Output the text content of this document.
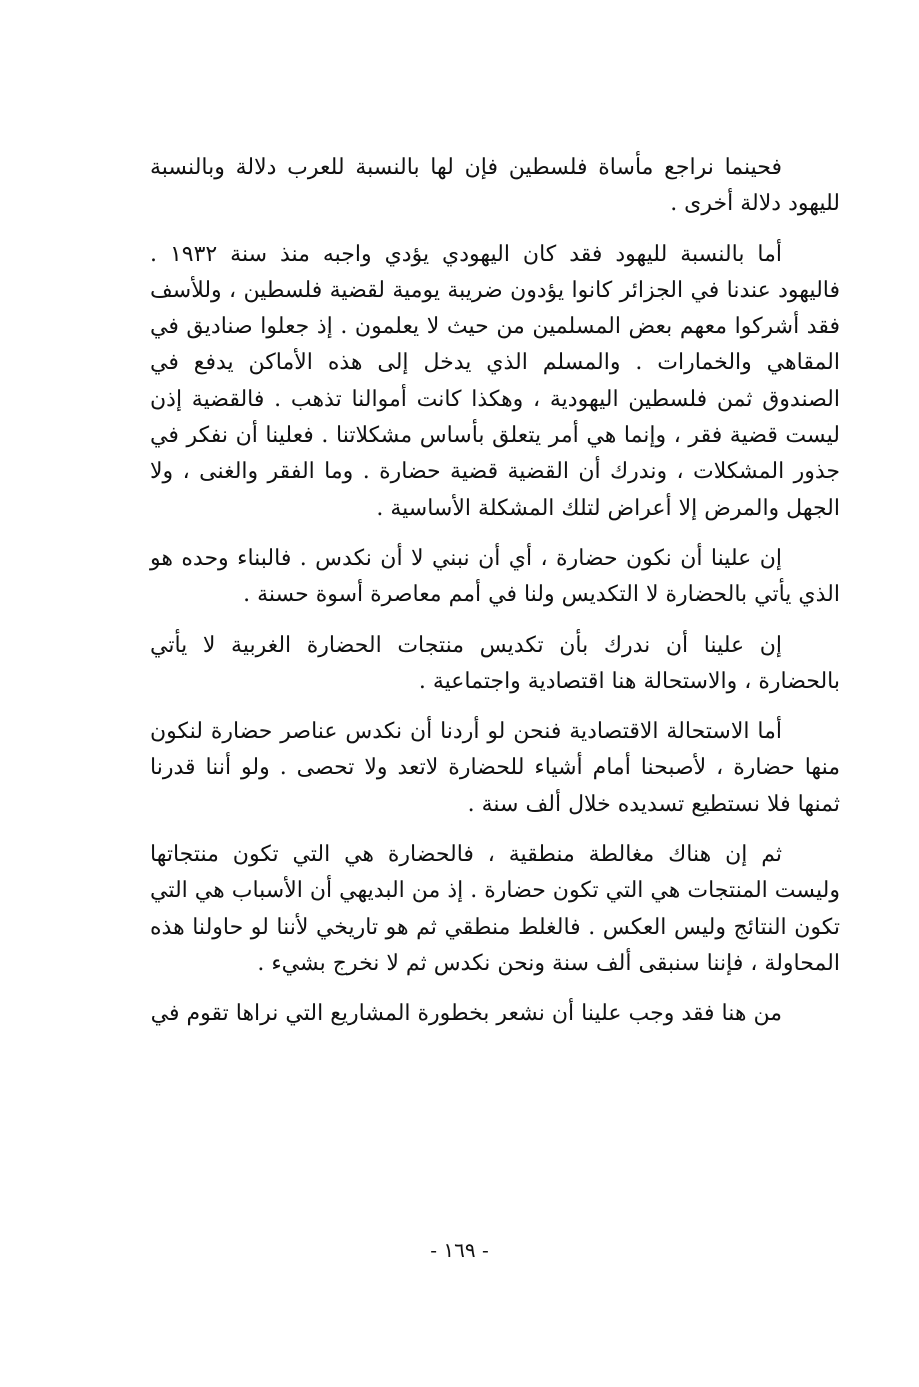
فحينما نراجع مأساة فلسطين فإن لها بالنسبة للعرب دلالة وبالنسبة لليهود دلالة أخرى .

أما بالنسبة لليهود فقد كان اليهودي يؤدي واجبه منذ سنة ١٩٣٢ . فاليهود عندنا في الجزائر كانوا يؤدون ضريبة يومية لقضية فلسطين ، وللأسف فقد أشركوا معهم بعض المسلمين من حيث لا يعلمون . إذ جعلوا صناديق في المقاهي والخمارات . والمسلم الذي يدخل إلى هذه الأماكن يدفع في الصندوق ثمن فلسطين اليهودية ، وهكذا كانت أموالنا تذهب . فالقضية إذن ليست قضية فقر ، وإنما هي أمر يتعلق بأساس مشكلاتنا . فعلينا أن نفكر في جذور المشكلات ، وندرك أن القضية قضية حضارة . وما الفقر والغنى ، ولا الجهل والمرض إلا أعراض لتلك المشكلة الأساسية .

إن علينا أن نكون حضارة ، أي أن نبني لا أن نكدس . فالبناء وحده هو الذي يأتي بالحضارة لا التكديس ولنا في أمم معاصرة أسوة حسنة .

إن علينا أن ندرك بأن تكديس منتجات الحضارة الغربية لا يأتي بالحضارة ، والاستحالة هنا اقتصادية واجتماعية .

أما الاستحالة الاقتصادية فنحن لو أردنا أن نكدس عناصر حضارة لنكون منها حضارة ، لأصبحنا أمام أشياء للحضارة لاتعد ولا تحصى . ولو أننا قدرنا ثمنها فلا نستطيع تسديده خلال ألف سنة .

ثم إن هناك مغالطة منطقية ، فالحضارة هي التي تكون منتجاتها وليست المنتجات هي التي تكون حضارة . إذ من البديهي أن الأسباب هي التي تكون النتائج وليس العكس . فالغلط منطقي ثم هو تاريخي لأننا لو حاولنا هذه المحاولة ، فإننا سنبقى ألف سنة ونحن نكدس ثم لا نخرج بشيء .

من هنا فقد وجب علينا أن نشعر بخطورة المشاريع التي نراها تقوم في

- ١٦٩ -
